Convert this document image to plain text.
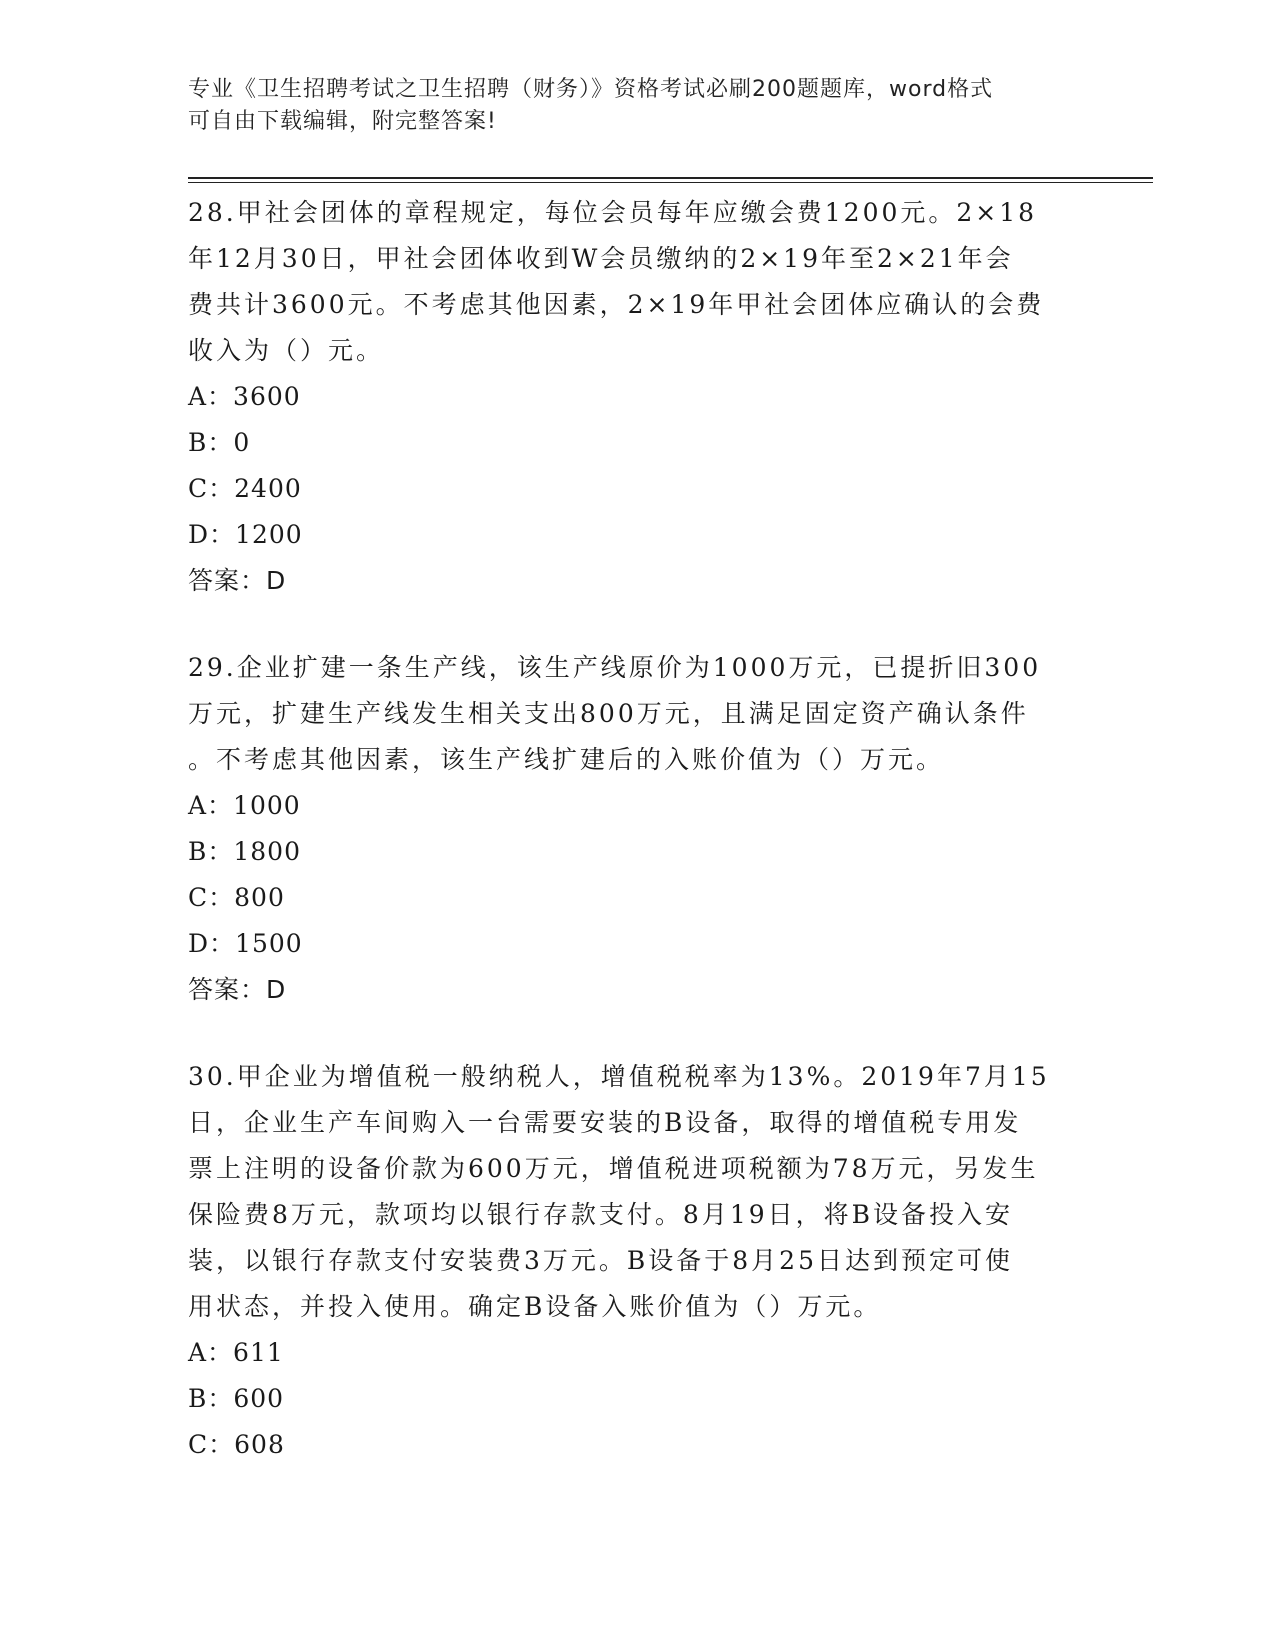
专业《卫生招聘考试之卫生招聘（财务）》资格考试必刷200题题库，word格式
可自由下载编辑，附完整答案!

28.甲社会团体的章程规定，每位会员每年应缴会费1200元。2×18

年12月30日，甲社会团体收到W会员缴纳的2×19年至2×21年会

费共计3600元。不考虑其他因素，2×19年甲社会团体应确认的会费

收入为（）元。

A：3600

B：0

C：2400

D：1200

答案：D

29.企业扩建一条生产线，该生产线原价为1000万元，已提折旧300

万元，扩建生产线发生相关支出800万元，且满足固定资产确认条件

。不考虑其他因素，该生产线扩建后的入账价值为（）万元。

A：1000

B：1800

C：800

D：1500

答案：D

30.甲企业为增值税一般纳税人，增值税税率为13%。2019年7月15

日，企业生产车间购入一台需要安装的B设备，取得的增值税专用发

票上注明的设备价款为600万元，增值税进项税额为78万元，另发生

保险费8万元，款项均以银行存款支付。8月19日，将B设备投入安

装，以银行存款支付安装费3万元。B设备于8月25日达到预定可使

用状态，并投入使用。确定B设备入账价值为（）万元。

A：611

B：600

C：608
